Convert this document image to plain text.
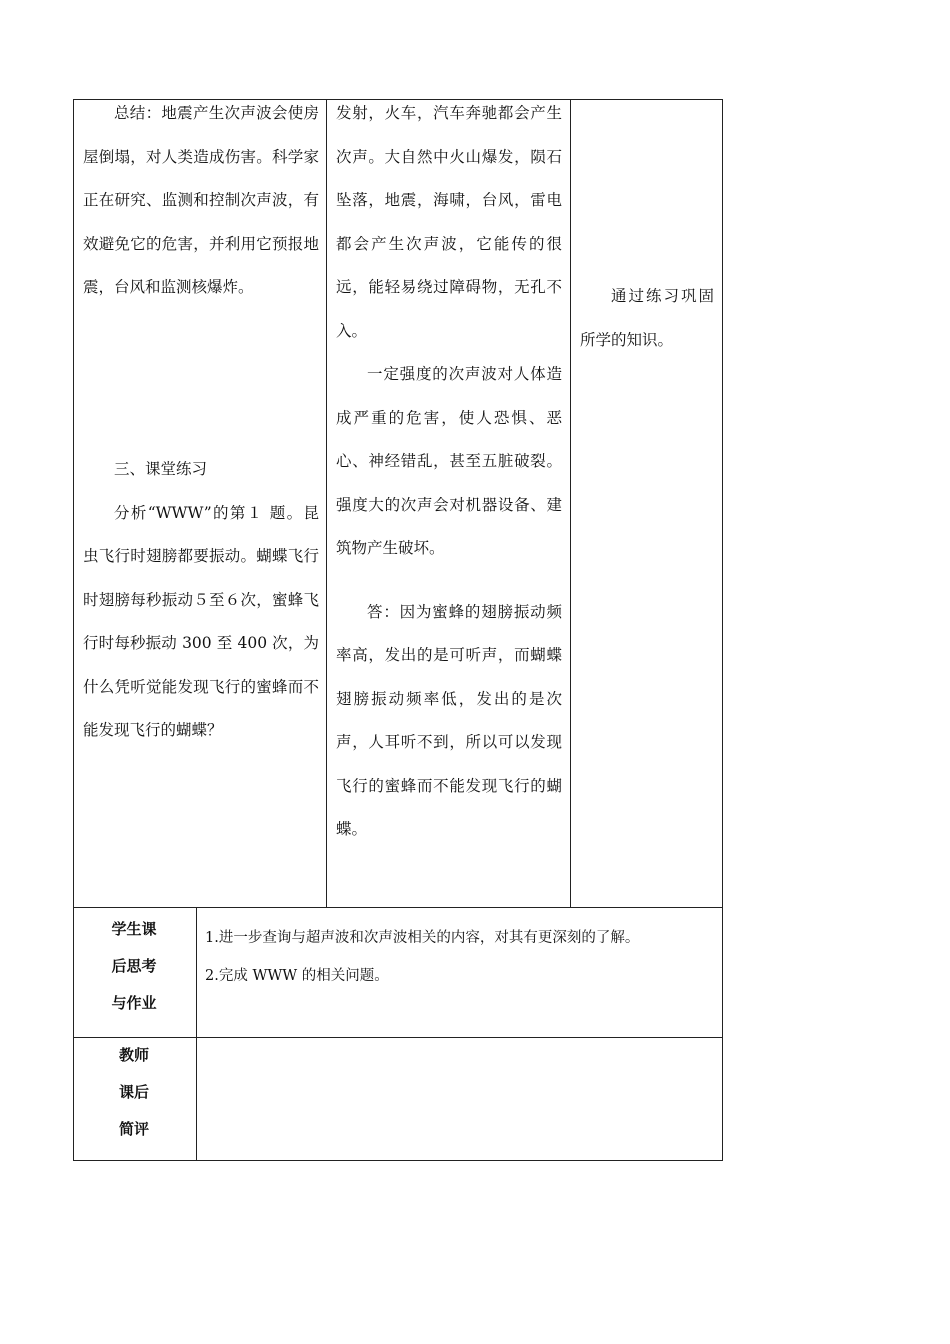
总结：地震产生次声波会使房屋倒塌，对人类造成伤害。科学家正在研究、监测和控制次声波，有效避免它的危害，并利用它预报地震，台风和监测核爆炸。

三、课堂练习

分析“WWW”的第１ 题。昆虫飞行时翅膀都要振动。蝴蝶飞行时翅膀每秒振动５至６次，蜜蜂飞行时每秒振动 300 至 400 次，为什么凭听觉能发现飞行的蜜蜂而不能发现飞行的蝴蝶？

发射，火车，汽车奔驰都会产生次声。大自然中火山爆发，陨石坠落，地震，海啸，台风，雷电都会产生次声波，它能传的很远，能轻易绕过障碍物，无孔不入。

一定强度的次声波对人体造成严重的危害，使人恐惧、恶心、神经错乱，甚至五脏破裂。强度大的次声会对机器设备、建筑物产生破坏。

答：因为蜜蜂的翅膀振动频率高，发出的是可听声，而蝴蝶翅膀振动频率低，发出的是次声，人耳听不到，所以可以发现飞行的蜜蜂而不能发现飞行的蝴蝶。

通过练习巩固所学的知识。

学生课
后思考
与作业

1.进一步查询与超声波和次声波相关的内容，对其有更深刻的了解。

2.完成 WWW 的相关问题。

教师
课后
简评
